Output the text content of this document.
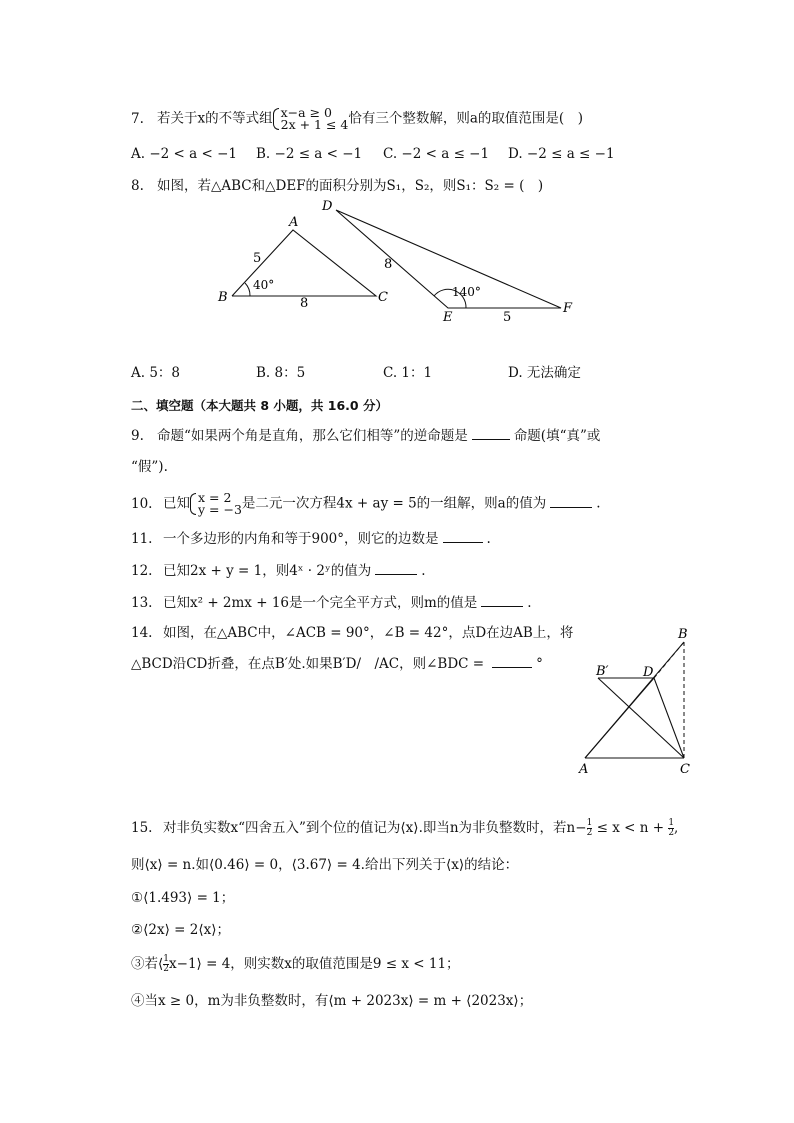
7. 若关于x的不等式组 x−a ≥ 0
2x + 1 ≤ 4 恰有三个整数解，则a的取值范围是(　)
A. −2 < a < −1 B. −2 ≤ a < −1 C. −2 < a ≤ −1 D. −2 ≤ a ≤ −1
8. 如图，若△ABC和△DEF的面积分别为S₁，S₂，则S₁：S₂ = (　)
A
B	C
5
8
40°
D
E
F
8
5
140°
A. 5：8	B. 8：5	C. 1：1	D. 无法确定
二、填空题（本大题共 8 小题，共 16.0 分）
9. 命题“如果两个角是直角，那么它们相等”的逆命题是	命题(填“真”或
“假”).
10. 已知 x = 2
y = −3 是二元一次方程4x + ay = 5的一组解，则a的值为	.
11. 一个多边形的内角和等于900°，则它的边数是	.
12. 已知2x + y = 1，则4ˣ · 2ʸ的值为	.
13. 已知x² + 2mx + 16是一个完全平方式，则m的值是	.
14. 如图，在△ABC中，∠ACB = 90°，∠B = 42°，点D在边AB上，将
△BCD沿CD折叠，在点B′处.如果B′D/　/AC，则∠BDC =	°
B
B′	D
A	C
15. 对非负实数x“四舍五入”到个位的值记为⟨x⟩.即当n为非负整数时，若$n- \frac{1}{2} \le x < n + \frac{1}{2}$ ,
则⟨x⟩ = n.如⟨0.46⟩ = 0，⟨3.67⟩ = 4.给出下列关于⟨x⟩的结论：
①⟨1.493⟩ = 1；
②⟨2x⟩ = 2⟨x⟩；
③若⟨ $\frac{1}{2}$ x−1⟩ = 4，则实数x的取值范围是9 ≤ x < 11；
④当x ≥ 0，m为非负整数时，有⟨m + 2023x⟩ = m + ⟨2023x⟩；
